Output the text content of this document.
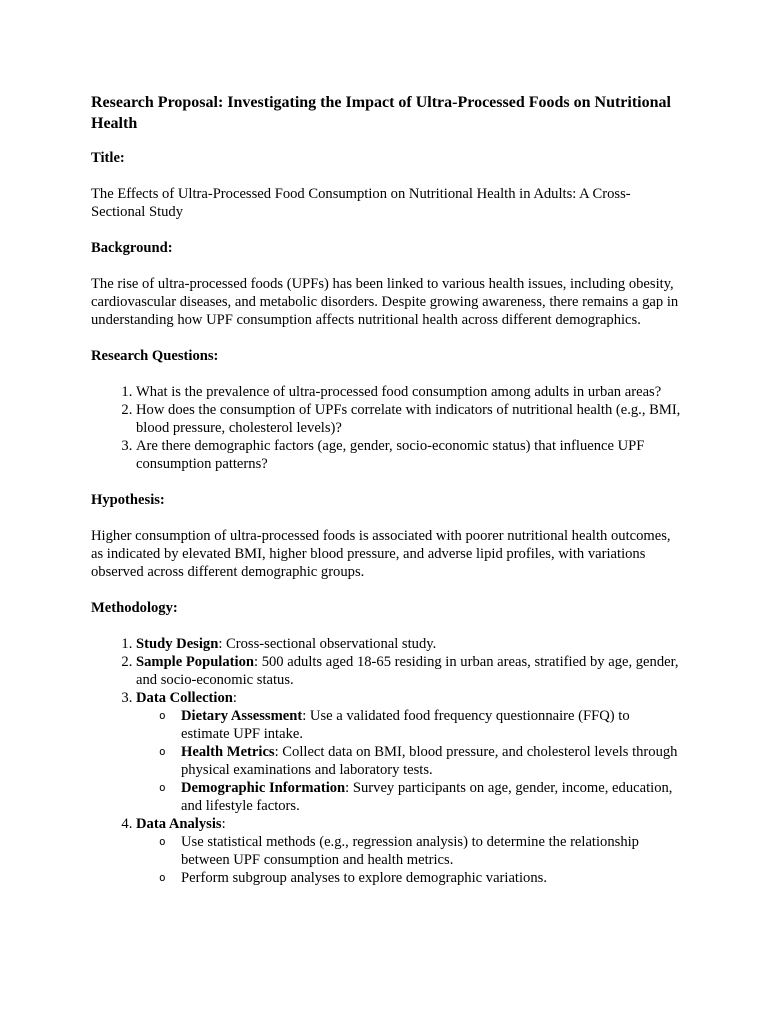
Research Proposal: Investigating the Impact of Ultra-Processed Foods on Nutritional Health
Title:

The Effects of Ultra-Processed Food Consumption on Nutritional Health in Adults: A Cross-Sectional Study

Background:

The rise of ultra-processed foods (UPFs) has been linked to various health issues, including obesity, cardiovascular diseases, and metabolic disorders. Despite growing awareness, there remains a gap in understanding how UPF consumption affects nutritional health across different demographics.

Research Questions:
1. What is the prevalence of ultra-processed food consumption among adults in urban areas?
2. How does the consumption of UPFs correlate with indicators of nutritional health (e.g., BMI, blood pressure, cholesterol levels)?
3. Are there demographic factors (age, gender, socio-economic status) that influence UPF consumption patterns?
Hypothesis:

Higher consumption of ultra-processed foods is associated with poorer nutritional health outcomes, as indicated by elevated BMI, higher blood pressure, and adverse lipid profiles, with variations observed across different demographic groups.

Methodology:
1. Study Design: Cross-sectional observational study.
2. Sample Population: 500 adults aged 18-65 residing in urban areas, stratified by age, gender, and socio-economic status.
3. Data Collection:
o Dietary Assessment: Use a validated food frequency questionnaire (FFQ) to estimate UPF intake.
o Health Metrics: Collect data on BMI, blood pressure, and cholesterol levels through physical examinations and laboratory tests.
o Demographic Information: Survey participants on age, gender, income, education, and lifestyle factors.
4. Data Analysis:
o Use statistical methods (e.g., regression analysis) to determine the relationship between UPF consumption and health metrics.
o Perform subgroup analyses to explore demographic variations.
